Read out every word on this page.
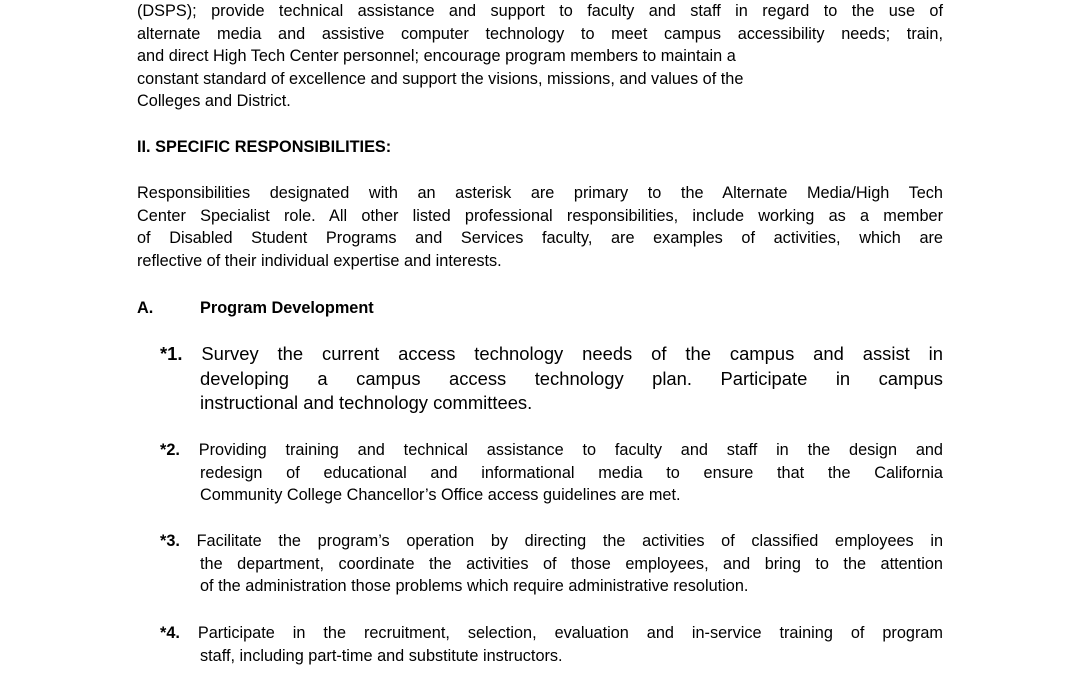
(DSPS); provide technical assistance and support to faculty and staff in regard to the use of
alternate media and assistive computer technology to meet campus accessibility needs; train,
and direct High Tech Center personnel; encourage program members to maintain a
constant standard of excellence and support the visions, missions, and values of the
Colleges and District.
II. SPECIFIC RESPONSIBILITIES:
Responsibilities designated with an asterisk are primary to the Alternate Media/High Tech
Center Specialist role. All other listed professional responsibilities, include working as a member
of Disabled Student Programs and Services faculty, are examples of activities, which are
reflective of their individual expertise and interests.
A.	Program Development
*1. Survey the current access technology needs of the campus and assist in
developing a campus access technology plan. Participate in campus
instructional and technology committees.
*2. Providing training and technical assistance to faculty and staff in the design and
redesign of educational and informational media to ensure that the California
Community College Chancellor’s Office access guidelines are met.
*3. Facilitate the program’s operation by directing the activities of classified employees in
the department, coordinate the activities of those employees, and bring to the attention
of the administration those problems which require administrative resolution.
*4. Participate in the recruitment, selection, evaluation and in-service training of program
staff, including part-time and substitute instructors.
